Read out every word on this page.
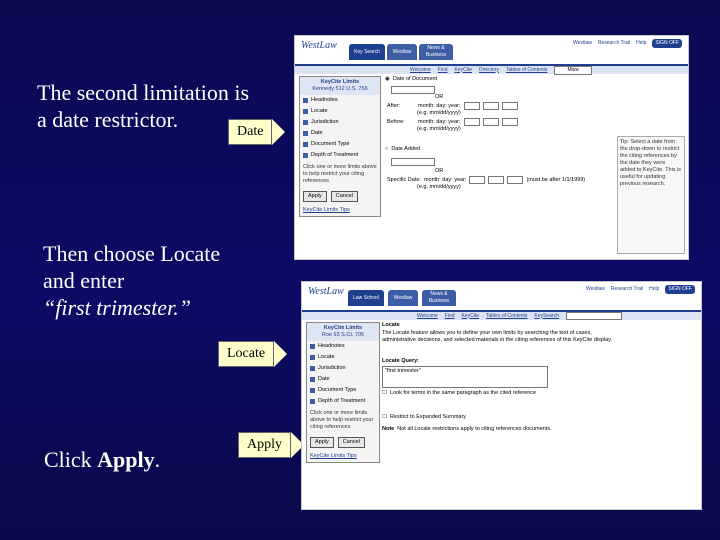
The second limitation is
a date restrictor.
Then choose Locate
and enter
“first trimester.”
Click Apply.
Date
Locate
Apply
WestLaw
Key Search	Westlaw
News & Business
Westlaw Research Trail Help	SIGN OFF
Welcome Find KeyCite Directory Tables of Contents	More
KeyCite Limits
Kennedy 512 U.S. 756
Headnotes
Locate
Jurisdiction
Date
Document Type
Depth of Treatment
Click one or more limits above to help restrict your citing references
Apply	Cancel
KeyCite Limits Tips
◉ Date of Document
OR
After:	month: day: year:
(e.g. mm/dd/yyyy)
Before:	month: day: year:
(e.g. mm/dd/yyyy)
○ Date Added
OR
Specific Date: month: day: year:	(must be after 1/1/1999)
(e.g. mm/dd/yyyy)
Tip: Select a date from the drop-down to restrict the citing references by the date they were added to KeyCite. This is useful for updating previous research.
WestLaw
Law School	Westlaw
News & Business
Westlaw Research Trail Help	SIGN OFF
Welcome Find KeyCite Tables of Contents KeySearch
KeyCite Limits
Roe 93 S.Ct. 705
Headnotes
Locate
Jurisdiction
Date
Document Type
Depth of Treatment
Click one or more limits above to help restrict your citing references
Apply	Cancel
KeyCite Limits Tips
Locate
The Locate feature allows you to define your own limits by searching the text of cases, administrative decisions, and selected materials in the citing references of this KeyCite display.
Locate Query:
"first trimester"
☐ Look for terms in the same paragraph as the cited reference
☐ Restrict to Expanded Summary
Note Not all Locate restrictions apply to citing references documents.
